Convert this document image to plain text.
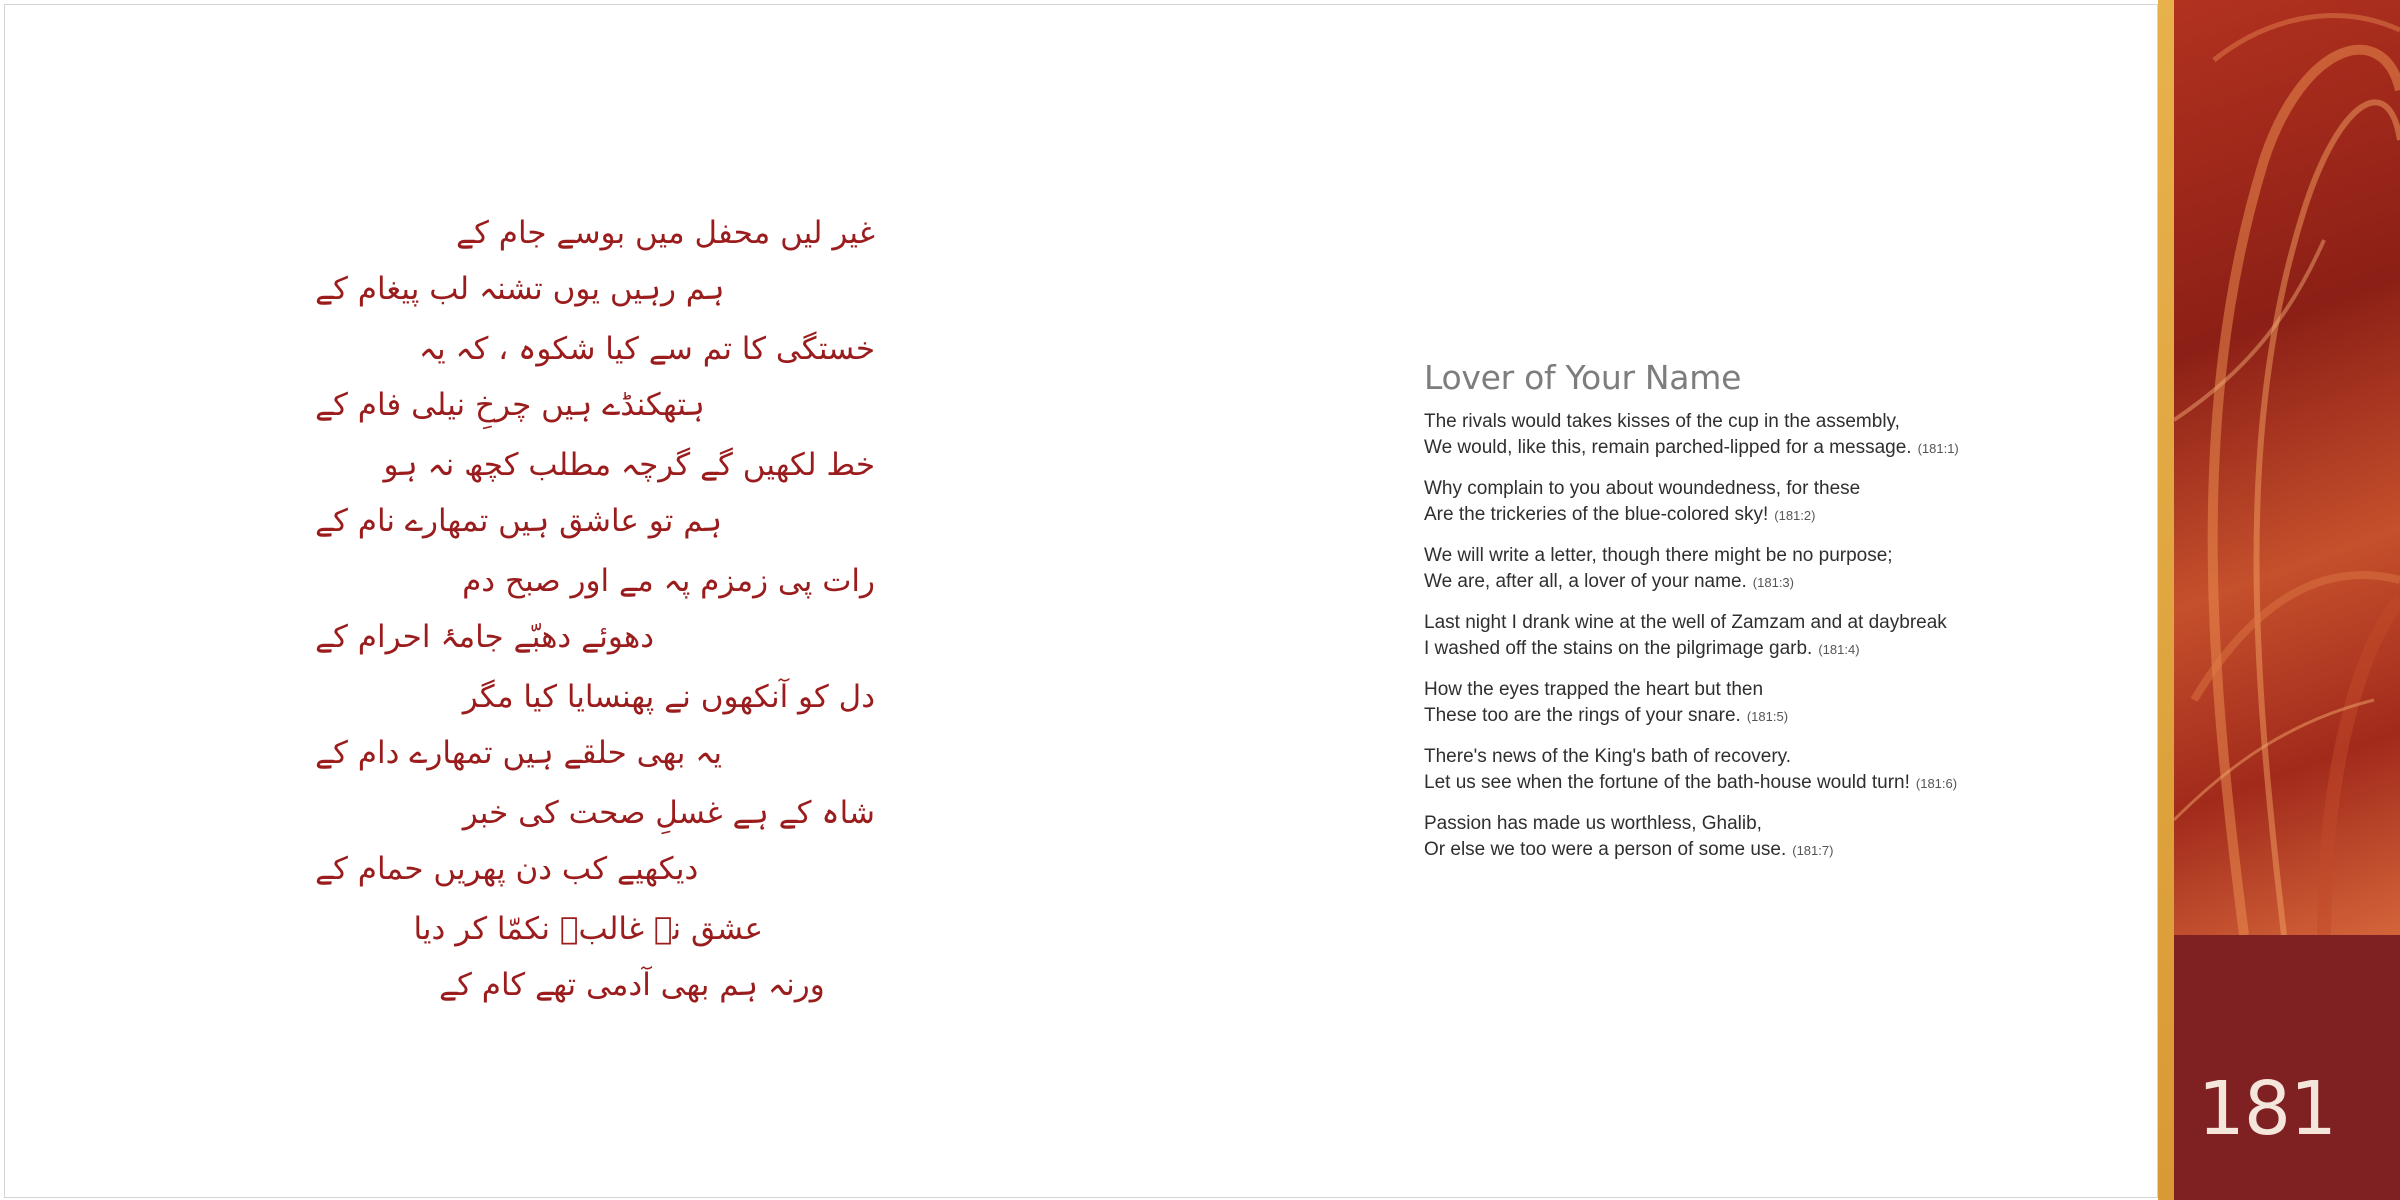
غیر لیں محفل میں بوسے جام کے
ہم رہیں یوں تشنہ لب پیغام کے
خستگی کا تم سے کیا شکوہ ، کہ یہ
ہتھکنڈے ہیں چرخِ نیلی فام کے
خط لکھیں گے گرچہ مطلب کچھ نہ ہو
ہم تو عاشق ہیں تمھارے نام کے
رات پی زمزم پہ مے اور صبح دم
دھوئے دھبّے جامۂ احرام کے
دل کو آنکھوں نے پھنسایا کیا مگر
یہ بھی حلقے ہیں تمھارے دام کے
شاہ کے ہے غسلِ صحت کی خبر
دیکھیے کب دن پھریں حمام کے
عشق نے غالبؔ نکمّا کر دیا
ورنہ ہم بھی آدمی تھے کام کے
Lover of Your Name
The rivals would takes kisses of the cup in the assembly,
We would, like this, remain parched-lipped for a message. (181:1)
Why complain to you about woundedness, for these
Are the trickeries of the blue-colored sky! (181:2)
We will write a letter, though there might be no purpose;
We are, after all, a lover of your name. (181:3)
Last night I drank wine at the well of Zamzam and at daybreak
I washed off the stains on the pilgrimage garb. (181:4)
How the eyes trapped the heart but then
These too are the rings of your snare. (181:5)
There's news of the King's bath of recovery.
Let us see when the fortune of the bath-house would turn! (181:6)
Passion has made us worthless, Ghalib,
Or else we too were a person of some use. (181:7)
181
